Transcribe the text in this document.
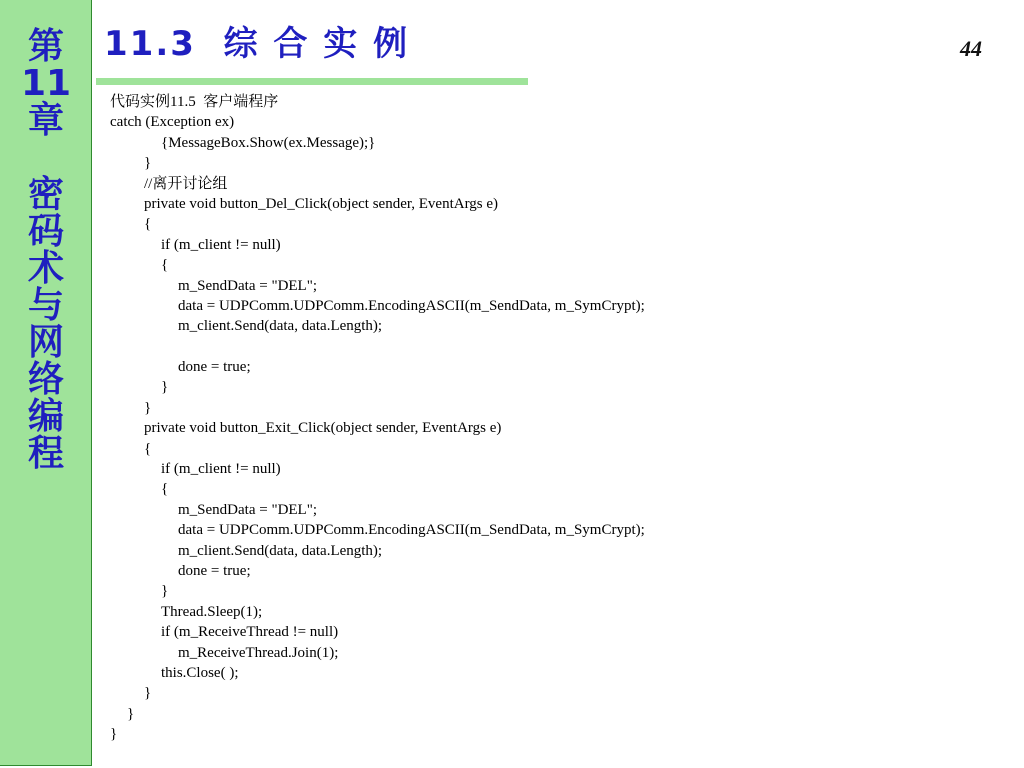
第
11
章

密
码
术
与
网
络
编
程
11.3  综 合 实 例	44
代码实例11.5  客户端程序
catch (Exception ex)
{MessageBox.Show(ex.Message);}
}
//离开讨论组
private void button_Del_Click(object sender, EventArgs e)
{
if (m_client != null)
{
m_SendData = "DEL";
data = UDPComm.UDPComm.EncodingASCII(m_SendData, m_SymCrypt);
m_client.Send(data, data.Length);
done = true;
}
}
private void button_Exit_Click(object sender, EventArgs e)
{
if (m_client != null)
{
m_SendData = "DEL";
data = UDPComm.UDPComm.EncodingASCII(m_SendData, m_SymCrypt);
m_client.Send(data, data.Length);
done = true;
}
Thread.Sleep(1);
if (m_ReceiveThread != null)
m_ReceiveThread.Join(1);
this.Close( );
}
}
}
